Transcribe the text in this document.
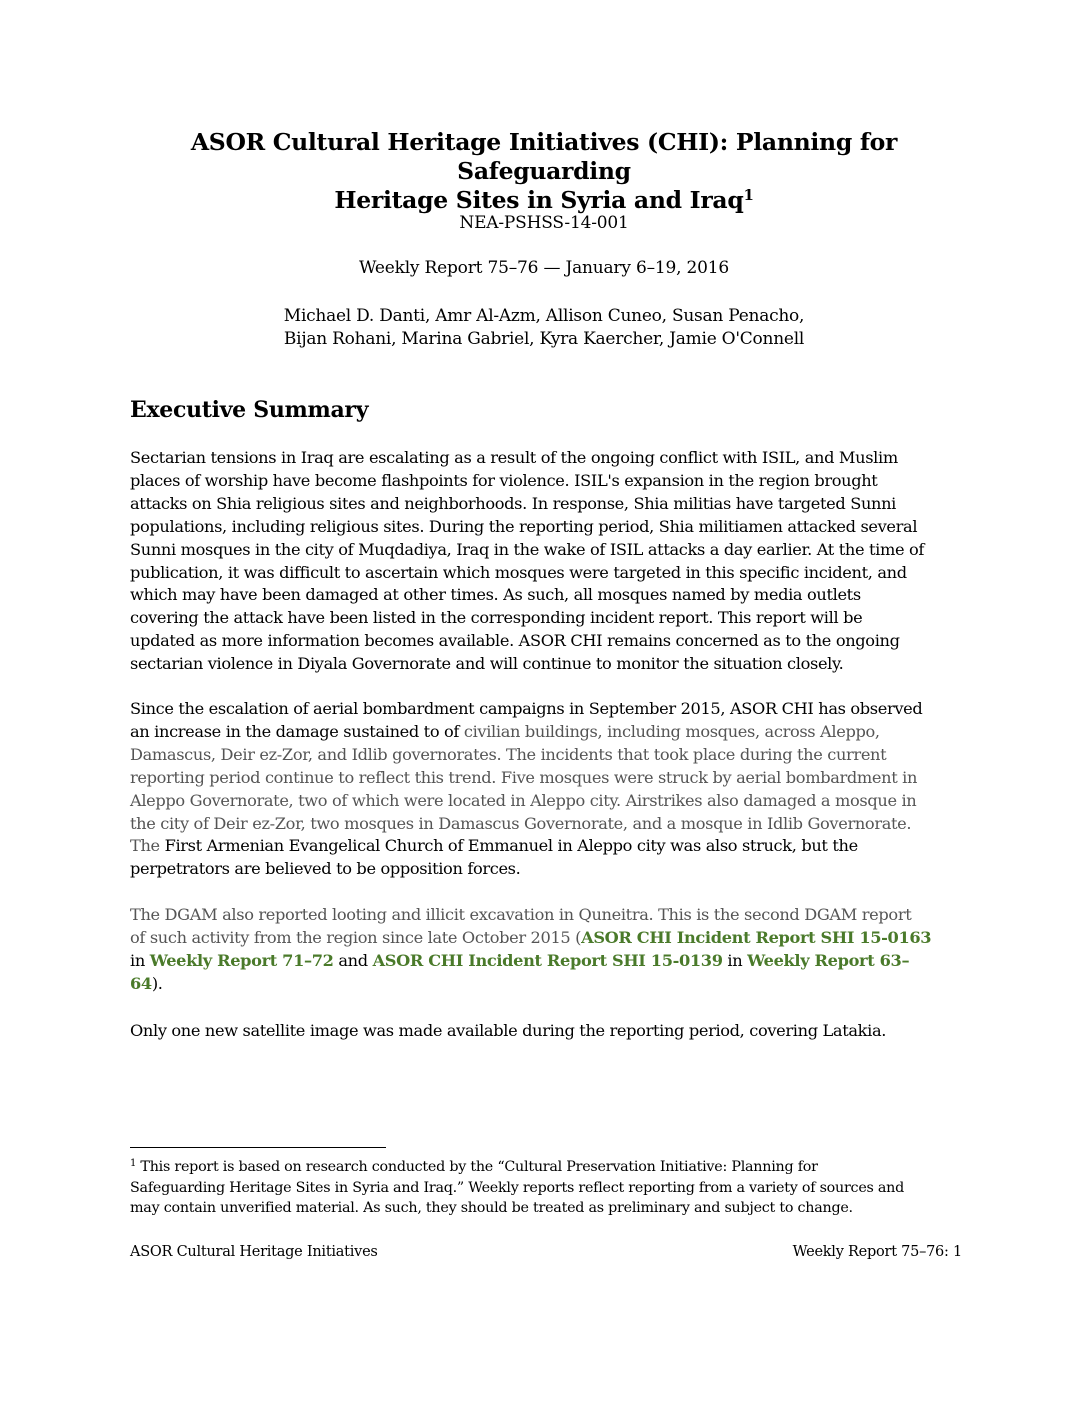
ASOR Cultural Heritage Initiatives (CHI): Planning for Safeguarding
Heritage Sites in Syria and Iraq$^1$
NEA-PSHSS-14-001
Weekly Report 75–76 — January 6–19, 2016
Michael D. Danti, Amr Al-Azm, Allison Cuneo, Susan Penacho,
Bijan Rohani, Marina Gabriel, Kyra Kaercher, Jamie O'Connell
Executive Summary
Sectarian tensions in Iraq are escalating as a result of the ongoing conflict with ISIL, and Muslim
places of worship have become flashpoints for violence. ISIL's expansion in the region brought
attacks on Shia religious sites and neighborhoods. In response, Shia militias have targeted Sunni
populations, including religious sites. During the reporting period, Shia militiamen attacked several
Sunni mosques in the city of Muqdadiya, Iraq in the wake of ISIL attacks a day earlier. At the time of
publication, it was difficult to ascertain which mosques were targeted in this specific incident, and
which may have been damaged at other times. As such, all mosques named by media outlets
covering the attack have been listed in the corresponding incident report. This report will be
updated as more information becomes available. ASOR CHI remains concerned as to the ongoing
sectarian violence in Diyala Governorate and will continue to monitor the situation closely.
Since the escalation of aerial bombardment campaigns in September 2015, ASOR CHI has observed
an increase in the damage sustained to of civilian buildings, including mosques, across Aleppo,
Damascus, Deir ez-Zor, and Idlib governorates. The incidents that took place during the current
reporting period continue to reflect this trend. Five mosques were struck by aerial bombardment in
Aleppo Governorate, two of which were located in Aleppo city. Airstrikes also damaged a mosque in
the city of Deir ez-Zor, two mosques in Damascus Governorate, and a mosque in Idlib Governorate.
The First Armenian Evangelical Church of Emmanuel in Aleppo city was also struck, but the
perpetrators are believed to be opposition forces.
The DGAM also reported looting and illicit excavation in Quneitra. This is the second DGAM report
of such activity from the region since late October 2015 (ASOR CHI Incident Report SHI 15-0163
in Weekly Report 71–72 and ASOR CHI Incident Report SHI 15-0139 in Weekly Report 63–
64).
Only one new satellite image was made available during the reporting period, covering Latakia.
$^1$ This report is based on research conducted by the “Cultural Preservation Initiative: Planning for
Safeguarding Heritage Sites in Syria and Iraq.” Weekly reports reflect reporting from a variety of sources and
may contain unverified material. As such, they should be treated as preliminary and subject to change.
ASOR Cultural Heritage Initiatives	Weekly Report 75–76: 1
